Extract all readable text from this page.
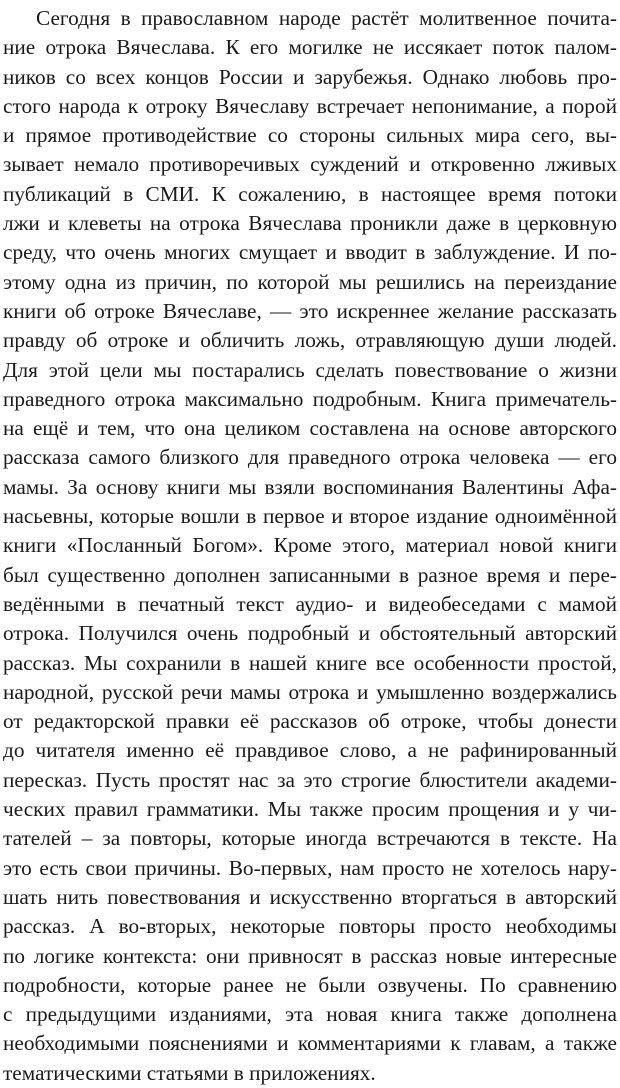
Сегодня в православном народе растёт молитвенное почита-
ние отрока Вячеслава. К его могилке не иссякает поток палом-
ников со всех концов России и зарубежья. Однако любовь про-
стого народа к отроку Вячеславу встречает непонимание, а порой
и прямое противодействие со стороны сильных мира сего, вы-
зывает немало противоречивых суждений и откровенно лживых
публикаций в СМИ. К сожалению, в настоящее время потоки
лжи и клеветы на отрока Вячеслава проникли даже в церковную
среду, что очень многих смущает и вводит в заблуждение. И по-
этому одна из причин, по которой мы решились на переиздание
книги об отроке Вячеславе, — это искреннее желание рассказать
правду об отроке и обличить ложь, отравляющую души людей.
Для этой цели мы постарались сделать повествование о жизни
праведного отрока максимально подробным. Книга примечатель-
на ещё и тем, что она целиком составлена на основе авторского
рассказа самого близкого для праведного отрока человека — его
мамы. За основу книги мы взяли воспоминания Валентины Афа-
насьевны, которые вошли в первое и второе издание одноимённой
книги «Посланный Богом». Кроме этого, материал новой книги
был существенно дополнен записанными в разное время и пере-
ведёнными в печатный текст аудио- и видеобеседами с мамой
отрока. Получился очень подробный и обстоятельный авторский
рассказ. Мы сохранили в нашей книге все особенности простой,
народной, русской речи мамы отрока и умышленно воздержались
от редакторской правки её рассказов об отроке, чтобы донести
до читателя именно её правдивое слово, а не рафинированный
пересказ. Пусть простят нас за это строгие блюстители академи-
ческих правил грамматики. Мы также просим прощения и у чи-
тателей – за повторы, которые иногда встречаются в тексте. На
это есть свои причины. Во-первых, нам просто не хотелось нару-
шать нить повествования и искусственно вторгаться в авторский
рассказ. А во-вторых, некоторые повторы просто необходимы
по логике контекста: они привносят в рассказ новые интересные
подробности, которые ранее не были озвучены. По сравнению
с предыдущими изданиями, эта новая книга также дополнена
необходимыми пояснениями и комментариями к главам, а также
тематическими статьями в приложениях.
